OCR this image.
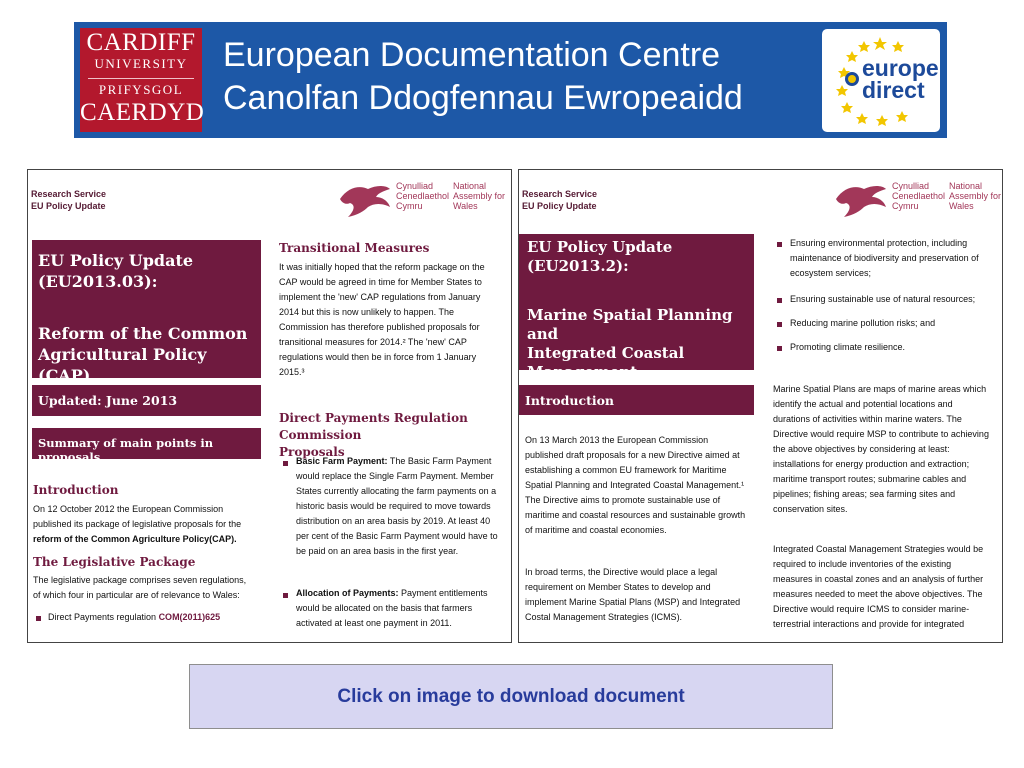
CARDIFF
UNIVERSITY
PRIFYSGOL
CAERDYD
European Documentation Centre
Canolfan Ddogfennau Ewropeaidd
europe
direct
Research Service
EU Policy Update
Cynulliad
Cenedlaethol
Cymru
National
Assembly for
Wales
EU Policy Update
(EU2013.03):
Reform of the Common
Agricultural Policy (CAP)
Updated: June 2013
Summary of main points in proposals
Introduction
On 12 October 2012 the European Commission
published its package of legislative proposals for the
reform of the Common Agriculture Policy(CAP).
The Legislative Package
The legislative package comprises seven regulations,
of which four in particular are of relevance to Wales:
Direct Payments regulation COM(2011)625
Transitional Measures
It was initially hoped that the reform package on the
CAP would be agreed in time for Member States to
implement the 'new' CAP regulations from January
2014 but this is now unlikely to happen. The
Commission has therefore published proposals for
transitional measures for 2014.² The 'new' CAP
regulations would then be in force from 1 January
2015.³
Direct Payments Regulation Commission
Proposals
Basic Farm Payment: The Basic Farm Payment
would replace the Single Farm Payment. Member
States currently allocating the farm payments on a
historic basis would be required to move towards
distribution on an area basis by 2019. At least 40
per cent of the Basic Farm Payment would have to
be paid on an area basis in the first year.
Allocation of Payments: Payment entitlements
would be allocated on the basis that farmers
activated at least one payment in 2011.
Research Service
EU Policy Update
Cynulliad
Cenedlaethol
Cymru
National
Assembly for
Wales
EU Policy Update
(EU2013.2):
Marine Spatial Planning and
Integrated Coastal
Management
Introduction
On 13 March 2013 the European Commission
published draft proposals for a new Directive aimed at
establishing a common EU framework for Maritime
Spatial Planning and Integrated Coastal Management.¹
The Directive aims to promote sustainable use of
maritime and coastal resources and sustainable growth
of maritime and coastal economies.
In broad terms, the Directive would place a legal
requirement on Member States to develop and
implement Marine Spatial Plans (MSP) and Integrated
Costal Management Strategies (ICMS).
Ensuring environmental protection, including
maintenance of biodiversity and preservation of
ecosystem services;
Ensuring sustainable use of natural resources;
Reducing marine pollution risks; and
Promoting climate resilience.
Marine Spatial Plans are maps of marine areas which
identify the actual and potential locations and
durations of activities within marine waters. The
Directive would require MSP to contribute to achieving
the above objectives by considering at least:
installations for energy production and extraction;
maritime transport routes; submarine cables and
pipelines; fishing areas; sea farming sites and
conservation sites.
Integrated Coastal Management Strategies would be
required to include inventories of the existing
measures in coastal zones and an analysis of further
measures needed to meet the above objectives. The
Directive would require ICMS to consider marine-
terrestrial interactions and provide for integrated
Click on image to download document
